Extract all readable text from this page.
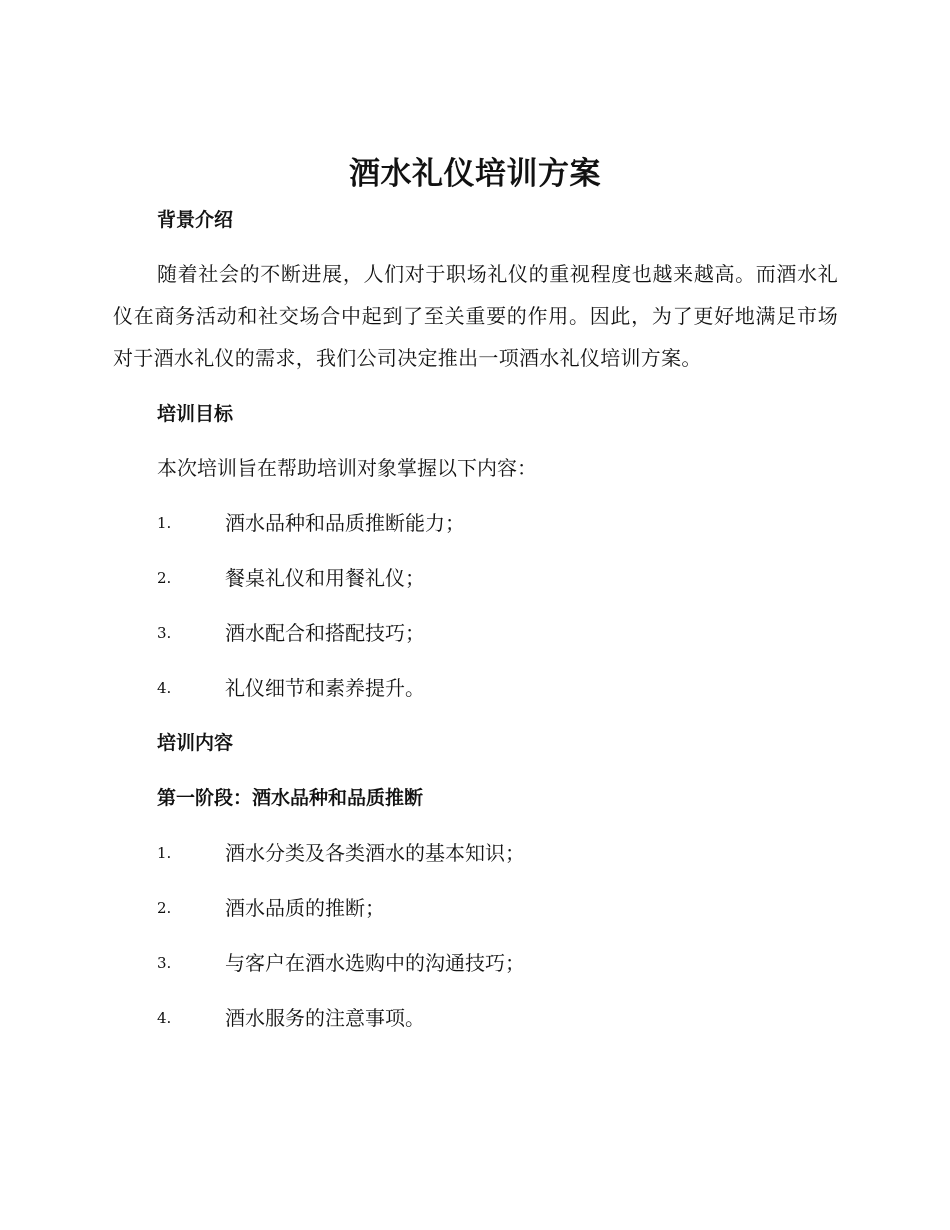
酒水礼仪培训方案
背景介绍
随着社会的不断进展，人们对于职场礼仪的重视程度也越来越高。而酒水礼仪在商务活动和社交场合中起到了至关重要的作用。因此，为了更好地满足市场对于酒水礼仪的需求，我们公司决定推出一项酒水礼仪培训方案。
培训目标
本次培训旨在帮助培训对象掌握以下内容：
1.	酒水品种和品质推断能力；
2.	餐桌礼仪和用餐礼仪；
3.	酒水配合和搭配技巧；
4.	礼仪细节和素养提升。
培训内容
第一阶段：酒水品种和品质推断
1.	酒水分类及各类酒水的基本知识；
2.	酒水品质的推断；
3.	与客户在酒水选购中的沟通技巧；
4.	酒水服务的注意事项。
